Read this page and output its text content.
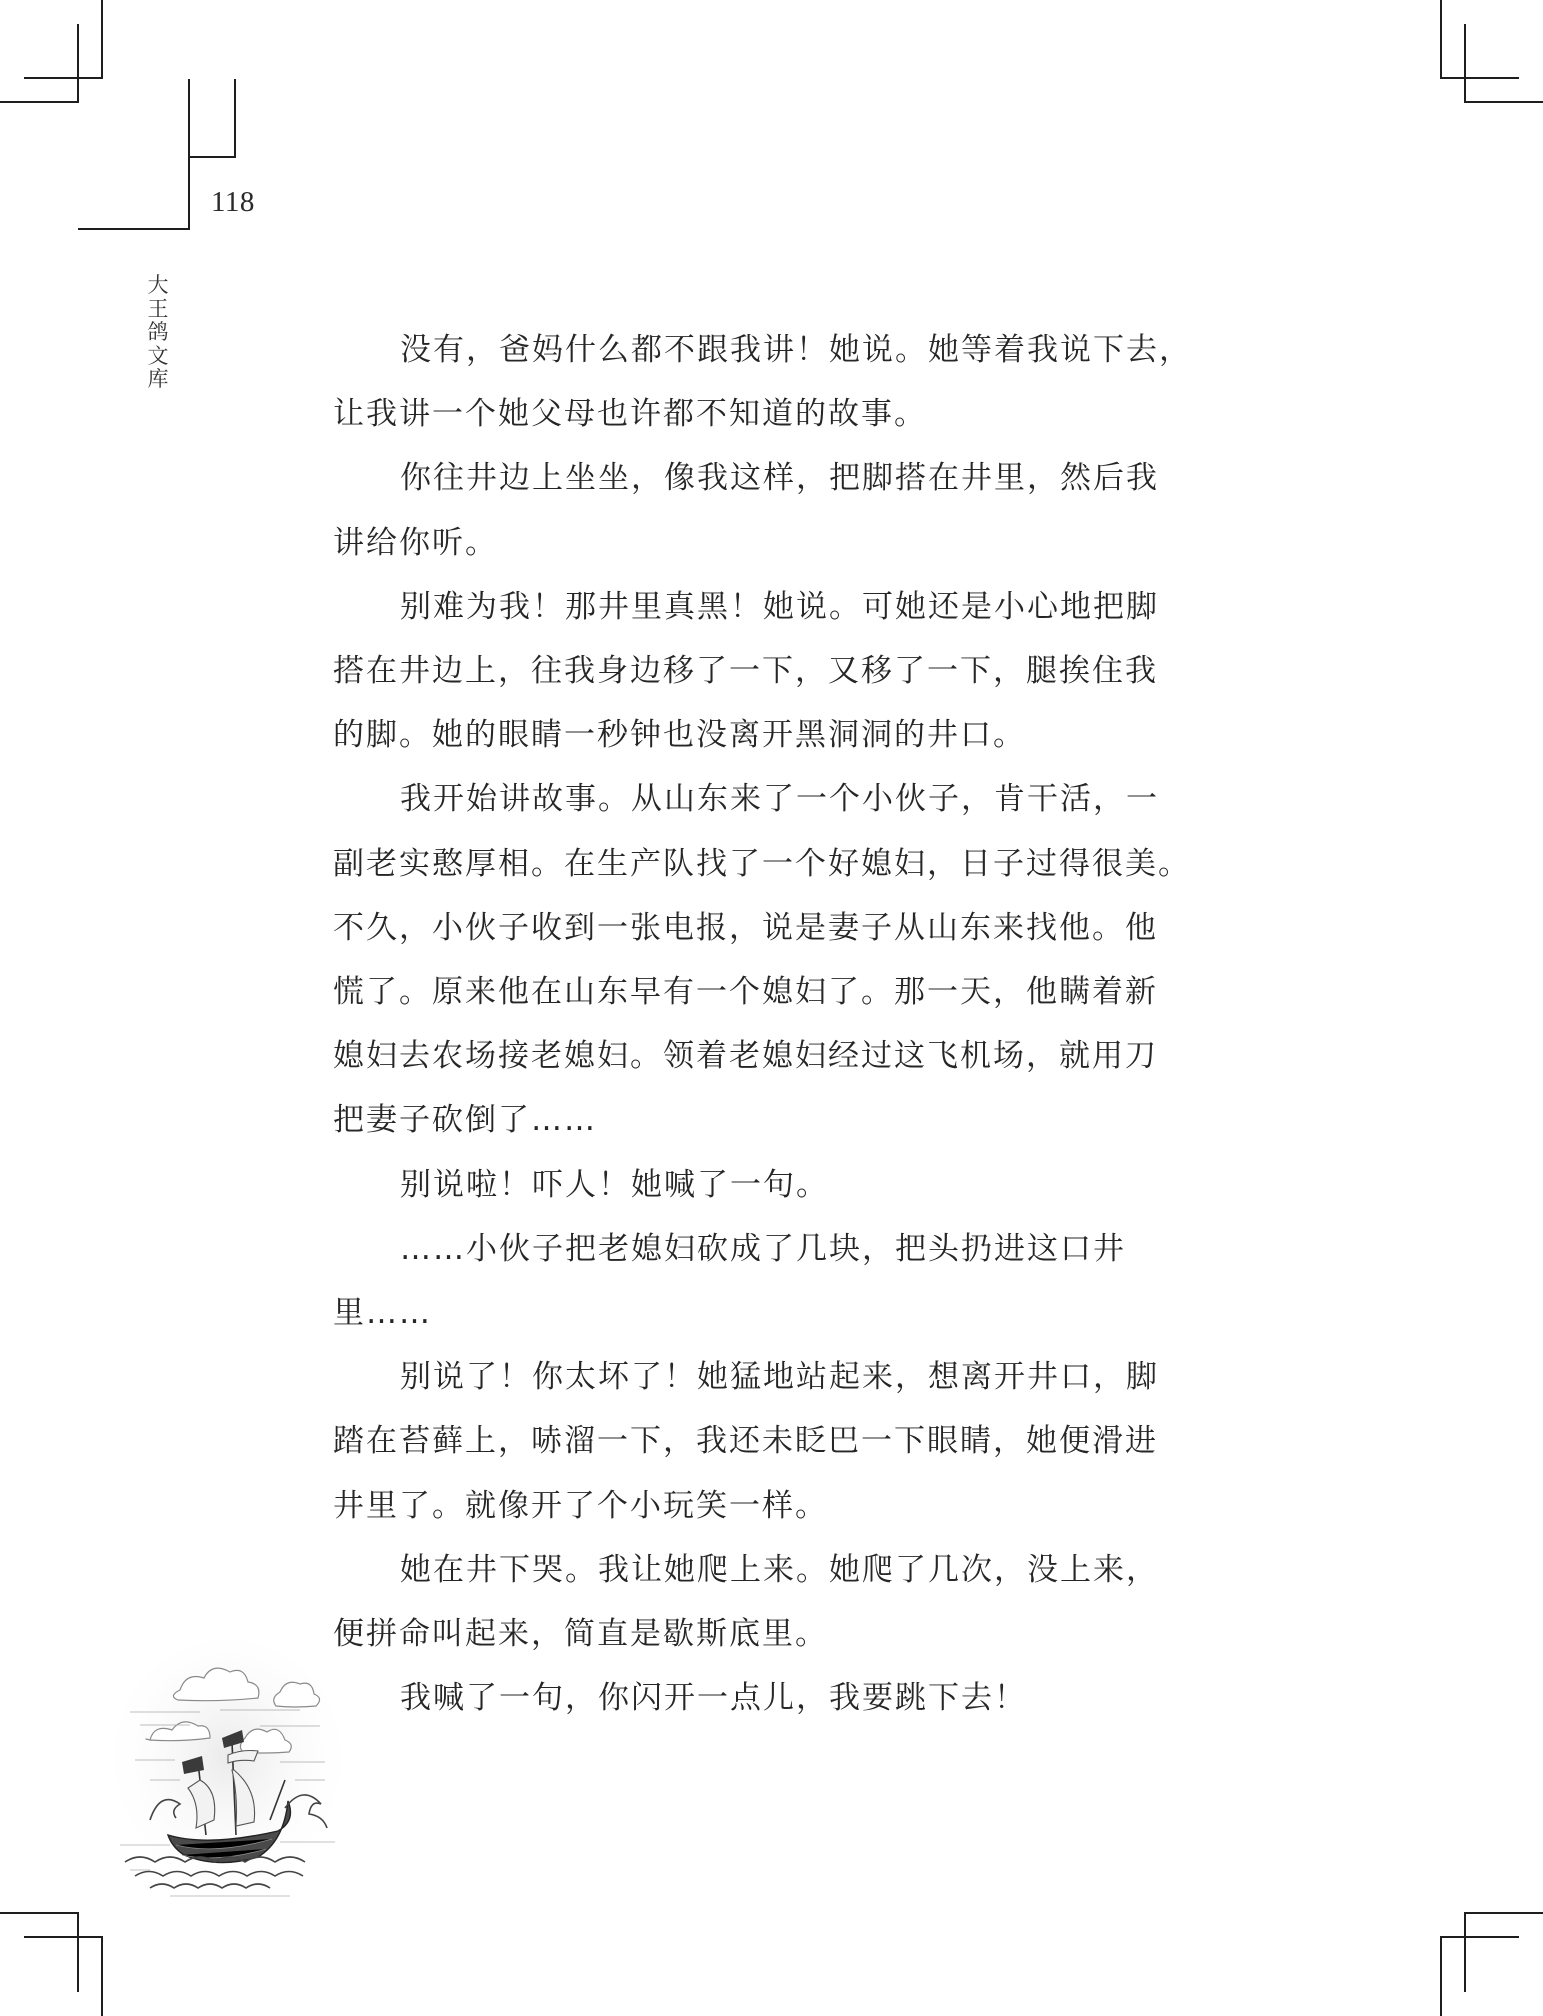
118
大
王
鸽
文
库
没有，爸妈什么都不跟我讲！她说。她等着我说下去，
让我讲一个她父母也许都不知道的故事。
你往井边上坐坐，像我这样，把脚搭在井里，然后我
讲给你听。
别难为我！那井里真黑！她说。可她还是小心地把脚
搭在井边上，往我身边移了一下，又移了一下，腿挨住我
的脚。她的眼睛一秒钟也没离开黑洞洞的井口。
我开始讲故事。从山东来了一个小伙子，肯干活，一
副老实憨厚相。在生产队找了一个好媳妇，日子过得很美。
不久，小伙子收到一张电报，说是妻子从山东来找他。他
慌了。原来他在山东早有一个媳妇了。那一天，他瞒着新
媳妇去农场接老媳妇。领着老媳妇经过这飞机场，就用刀
把妻子砍倒了……
别说啦！吓人！她喊了一句。
……小伙子把老媳妇砍成了几块，把头扔进这口井
里……
别说了！你太坏了！她猛地站起来，想离开井口，脚
踏在苔藓上，哧溜一下，我还未眨巴一下眼睛，她便滑进
井里了。就像开了个小玩笑一样。
她在井下哭。我让她爬上来。她爬了几次，没上来，
便拼命叫起来，简直是歇斯底里。
我喊了一句，你闪开一点儿，我要跳下去！
